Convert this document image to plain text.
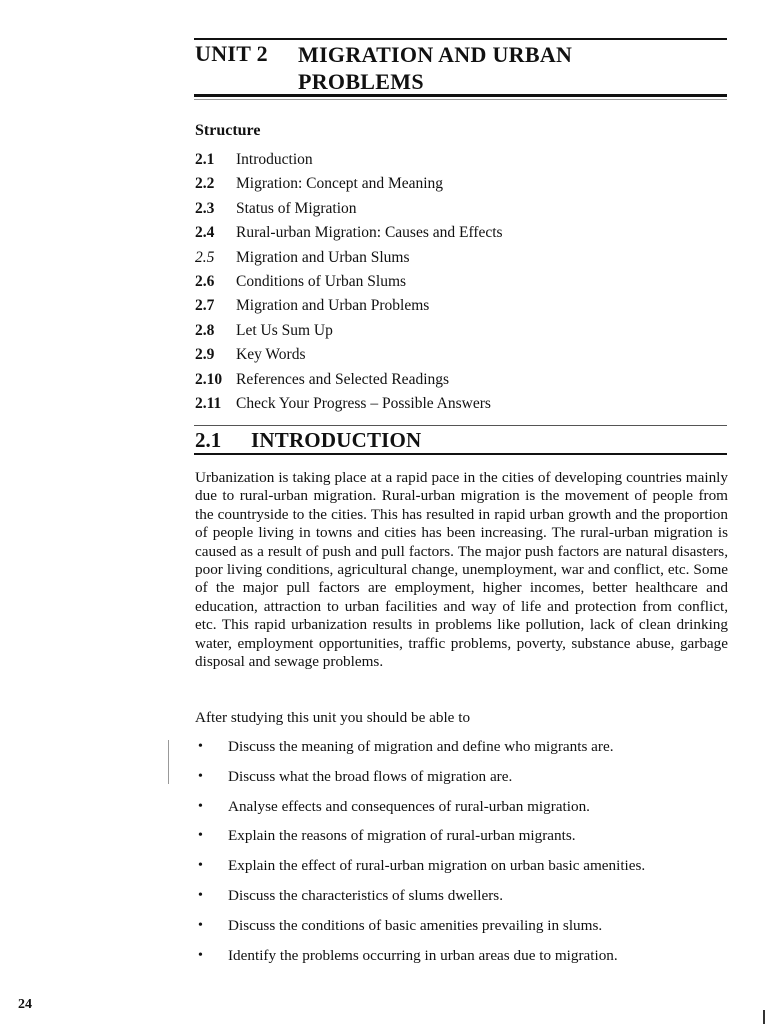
UNIT 2 MIGRATION AND URBAN PROBLEMS
Structure
2.1 Introduction
2.2 Migration: Concept and Meaning
2.3 Status of Migration
2.4 Rural-urban Migration: Causes and Effects
2.5 Migration and Urban Slums
2.6 Conditions of Urban Slums
2.7 Migration and Urban Problems
2.8 Let Us Sum Up
2.9 Key Words
2.10 References and Selected Readings
2.11 Check Your Progress – Possible Answers
2.1 INTRODUCTION

Urbanization is taking place at a rapid pace in the cities of developing countries mainly due to rural-urban migration. Rural-urban migration is the movement of people from the countryside to the cities. This has resulted in rapid urban growth and the proportion of people living in towns and cities has been increasing. The rural-urban migration is caused as a result of push and pull factors. The major push factors are natural disasters, poor living conditions, agricultural change, unemployment, war and conflict, etc. Some of the major pull factors are employment, higher incomes, better healthcare and education, attraction to urban facilities and way of life and protection from conflict, etc. This rapid urbanization results in problems like pollution, lack of clean drinking water, employment opportunities, traffic problems, poverty, substance abuse, garbage disposal and sewage problems.

After studying this unit you should be able to

• Discuss the meaning of migration and define who migrants are.
• Discuss what the broad flows of migration are.
• Analyse effects and consequences of rural-urban migration.
• Explain the reasons of migration of rural-urban migrants.
• Explain the effect of rural-urban migration on urban basic amenities.
• Discuss the characteristics of slums dwellers.
• Discuss the conditions of basic amenities prevailing in slums.
• Identify the problems occurring in urban areas due to migration.
24
